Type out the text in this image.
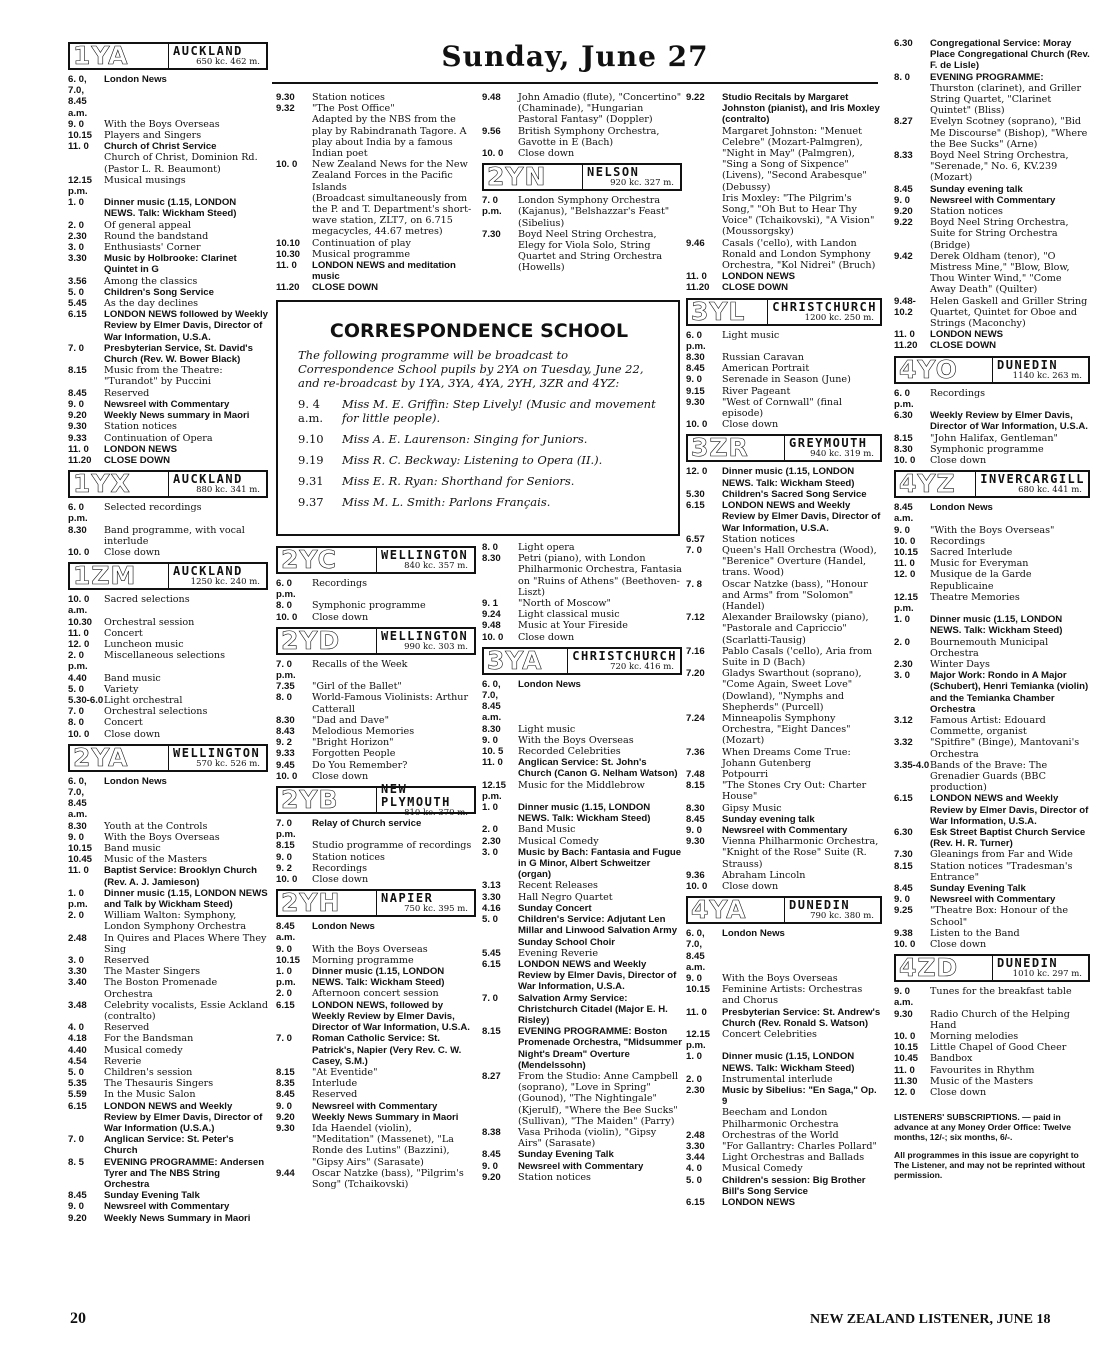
Sunday, June 27
1YA	AUCKLAND
650 kc. 462 m.
6. 0, 7.0, 8.45 a.m.
London News
9. 0	With the Boys Overseas
10.15	Players and Singers
11. 0	Church of Christ Service
Church of Christ, Dominion Rd. (Pastor L. R. Beaumont)
12.15 p.m.
Musical musings
1. 0	Dinner music (1.15, LONDON NEWS. Talk: Wickham Steed)
2. 0	Of general appeal
2.30	Round the bandstand
3. 0	Enthusiasts' Corner
3.30	Music by Holbrooke: Clarinet Quintet in G
3.56	Among the classics
5. 0	Children's Song Service
5.45	As the day declines
6.15	LONDON NEWS followed by Weekly Review by Elmer Davis, Director of War Information, U.S.A.
7. 0	Presbyterian Service, St. David's Church (Rev. W. Bower Black)
8.15	Music from the Theatre: "Turandot" by Puccini
8.45	Reserved
9. 0	Newsreel with Commentary
9.20	Weekly News summary in Maori
9.30	Station notices
9.33	Continuation of Opera
11. 0	LONDON NEWS
11.20	CLOSE DOWN
1YX	AUCKLAND
880 kc. 341 m.
6. 0 p.m.
Selected recordings
8.30	Band programme, with vocal interlude
10. 0	Close down
1ZM	AUCKLAND
1250 kc. 240 m.
10. 0 a.m.
Sacred selections
10.30	Orchestral session
11. 0	Concert
12. 0	Luncheon music
2. 0 p.m.
Miscellaneous selections
4.40	Band music
5. 0	Variety
5.30-6.0 Light orchestral
7. 0	Orchestral selections
8. 0	Concert
10. 0	Close down
2YA	WELLINGTON
570 kc. 526 m.
6. 0, 7.0, 8.45 a.m.
London News
8.30	Youth at the Controls
9. 0	With the Boys Overseas
10.15	Band music
10.45	Music of the Masters
11. 0	Baptist Service: Brooklyn Church (Rev. A. J. Jamieson)
1. 0 p.m.
Dinner music (1.15, LONDON NEWS and Talk by Wickham Steed)
2. 0	William Walton: Symphony, London Symphony Orchestra
2.48	In Quires and Places Where They Sing
3. 0	Reserved
3.30	The Master Singers
3.40	The Boston Promenade Orchestra
3.48	Celebrity vocalists, Essie Ackland (contralto)
4. 0	Reserved
4.18	For the Bandsman
4.40	Musical comedy
4.54	Reverie
5. 0	Children's session
5.35	The Thesauris Singers
5.59	In the Music Salon
6.15	LONDON NEWS and Weekly Review by Elmer Davis, Director of War Information (U.S.A.)
7. 0	Anglican Service: St. Peter's Church
8. 5	EVENING PROGRAMME: Andersen Tyrer and The NBS String Orchestra
8.45	Sunday Evening Talk
9. 0	Newsreel with Commentary
9.20	Weekly News Summary in Maori
9.30	Station notices
9.32	"The Post Office"
Adapted by the NBS from the play by Rabindranath Tagore. A play about India by a famous Indian poet
10. 0	New Zealand News for the New Zealand Forces in the Pacific Islands
(Broadcast simultaneously from the P. and T. Department's short-wave station, ZLT7, on 6.715 megacycles, 44.67 metres)
10.10	Continuation of play
10.30	Musical programme
11. 0	LONDON NEWS and meditation music
11.20	CLOSE DOWN
9.48	John Amadio (flute), "Concertino" (Chaminade), "Hungarian Pastoral Fantasy" (Doppler)
9.56	British Symphony Orchestra, Gavotte in E (Bach)
10. 0	Close down
2YN	NELSON
920 kc. 327 m.
7. 0 p.m.
London Symphony Orchestra (Kajanus), "Belshazzar's Feast" (Sibelius)
7.30	Boyd Neel String Orchestra, Elegy for Viola Solo, String Quartet and String Orchestra (Howells)
9.22	Studio Recitals by Margaret Johnston (pianist), and Iris Moxley (contralto)
Margaret Johnston: "Menuet Celebre" (Mozart-Palmgren), "Night in May" (Palmgren), "Sing a Song of Sixpence" (Livens), "Second Arabesque" (Debussy)
Iris Moxley: "The Pilgrim's Song," "Oh But to Hear Thy Voice" (Tchaikovski), "A Vision" (Moussorgsky)
9.46	Casals ('cello), with Landon Ronald and London Symphony Orchestra, "Kol Nidrei" (Bruch)
11. 0	LONDON NEWS
11.20	CLOSE DOWN
3YL	CHRISTCHURCH
1200 kc. 250 m.
6. 0 p.m.
Light music
8.30	Russian Caravan
8.45	American Portrait
9. 0	Serenade in Season (June)
9.15	River Pageant
9.30	"West of Cornwall" (final episode)
10. 0	Close down
3ZR	GREYMOUTH
940 kc. 319 m.
12. 0	Dinner music (1.15, LONDON NEWS. Talk: Wickham Steed)
5.30	Children's Sacred Song Service
6.15	LONDON NEWS and Weekly Review by Elmer Davis, Director of War Information, U.S.A.
6.57	Station notices
7. 0	Queen's Hall Orchestra (Wood), "Berenice" Overture (Handel, trans. Wood)
7. 8	Oscar Natzke (bass), "Honour and Arms" from "Solomon" (Handel)
7.12	Alexander Brailowsky (piano), "Pastorale and Capriccio" (Scarlatti-Tausig)
7.16	Pablo Casals ('cello), Aria from Suite in D (Bach)
7.20	Gladys Swarthout (soprano), "Come Again, Sweet Love" (Dowland), "Nymphs and Shepherds" (Purcell)
7.24	Minneapolis Symphony Orchestra, "Eight Dances" (Mozart)
7.36	When Dreams Come True: Johann Gutenberg
7.48	Potpourri
8.15	"The Stones Cry Out: Charter House"
8.30	Gipsy Music
8.45	Sunday evening talk
9. 0	Newsreel with Commentary
9.30	Vienna Philharmonic Orchestra, "Knight of the Rose" Suite (R. Strauss)
9.36	Abraham Lincoln
10. 0	Close down
4YA	DUNEDIN
790 kc. 380 m.
6. 0, 7.0, 8.45 a.m.
London News
9. 0	With the Boys Overseas
10.15	Feminine Artists: Orchestras and Chorus
11. 0	Presbyterian Service: St. Andrew's Church (Rev. Ronald S. Watson)
12.15 p.m.
Concert Celebrities
1. 0	Dinner music (1.15, LONDON NEWS. Talk: Wickham Steed)
2. 0	Instrumental interlude
2.30	Music by Sibelius: "En Saga," Op. 9
Beecham and London Philharmonic Orchestra
2.48	Orchestras of the World
3.30	"For Gallantry: Charles Pollard"
3.44	Light Orchestras and Ballads
4. 0	Musical Comedy
5. 0	Children's session: Big Brother Bill's Song Service
6.15	LONDON NEWS
6.30	Congregational Service: Moray Place Congregational Church (Rev. F. de Lisle)
8. 0	EVENING PROGRAMME:
Thurston (clarinet), and Griller String Quartet, "Clarinet Quintet" (Bliss)
8.27	Evelyn Scotney (soprano), "Bid Me Discourse" (Bishop), "Where the Bee Sucks" (Arne)
8.33	Boyd Neel String Orchestra, "Serenade," No. 6, KV.239 (Mozart)
8.45	Sunday evening talk
9. 0	Newsreel with Commentary
9.20	Station notices
9.22	Boyd Neel String Orchestra, Suite for String Orchestra (Bridge)
9.42	Derek Oldham (tenor), "O Mistress Mine," "Blow, Blow, Thou Winter Wind," "Come Away Death" (Quilter)
9.48-10.2
Helen Gaskell and Griller String Quartet, Quintet for Oboe and Strings (Maconchy)
11. 0	LONDON NEWS
11.20	CLOSE DOWN
4YO	DUNEDIN
1140 kc. 263 m.
6. 0 p.m.
Recordings
6.30	Weekly Review by Elmer Davis, Director of War Information, U.S.A.
8.15	"John Halifax, Gentleman"
8.30	Symphonic programme
10. 0	Close down
4YZ	INVERCARGILL
680 kc. 441 m.
8.45 a.m.
London News
9. 0	"With the Boys Overseas"
10. 0	Recordings
10.15	Sacred Interlude
11. 0	Music for Everyman
12. 0	Musique de la Garde Republicaine
12.15 p.m.
Theatre Memories
1. 0	Dinner music (1.15, LONDON NEWS. Talk: Wickham Steed)
2. 0	Bournemouth Municipal Orchestra
2.30	Winter Days
3. 0	Major Work: Rondo in A Major (Schubert), Henri Temianka (violin) and the Temianka Chamber Orchestra
3.12	Famous Artist: Edouard Commette, organist
3.32	"Spitfire" (Binge), Mantovani's Orchestra
3.35-4.0 Bands of the Brave: The Grenadier Guards (BBC production)
6.15	LONDON NEWS and Weekly Review by Elmer Davis, Director of War Information, U.S.A.
6.30	Esk Street Baptist Church Service (Rev. H. R. Turner)
7.30	Gleanings from Far and Wide
8.15	Station notices "Tradesman's Entrance"
8.45	Sunday Evening Talk
9. 0	Newsreel with Commentary
9.25	"Theatre Box: Honour of the School"
9.38	Listen to the Band
10. 0	Close down
4ZD	DUNEDIN
1010 kc. 297 m.
9. 0 a.m.
Tunes for the breakfast table
9.30	Radio Church of the Helping Hand
10. 0	Morning melodies
10.15	Little Chapel of Good Cheer
10.45	Bandbox
11. 0	Favourites in Rhythm
11.30	Music of the Masters
12. 0	Close down
LISTENERS' SUBSCRIPTIONS. — paid in advance at any Money Order Office: Twelve months, 12/-; six months, 6/-.
All programmes in this issue are copyright to The Listener, and may not be reprinted without permission.
CORRESPONDENCE SCHOOL
The following programme will be broadcast to Correspondence School pupils by 2YA on Tuesday, June 22, and re-broadcast by 1YA, 3YA, 4YA, 2YH, 3ZR and 4YZ:
9. 4 a.m.
Miss M. E. Griffin: Step Lively! (Music and movement for little people).
9.10	Miss A. E. Laurenson: Singing for Juniors.
9.19	Miss R. C. Beckway: Listening to Opera (II.).
9.31	Miss E. R. Ryan: Shorthand for Seniors.
9.37	Miss M. L. Smith: Parlons Français.
2YC	WELLINGTON
840 kc. 357 m.
6. 0 p.m.
Recordings
8. 0	Symphonic programme
10. 0	Close down
2YD	WELLINGTON
990 kc. 303 m.
7. 0 p.m.
Recalls of the Week
7.35	"Girl of the Ballet"
8. 0	World-Famous Violinists: Arthur Catterall
8.30	"Dad and Dave"
8.43	Melodious Memories
9. 2	"Bright Horizon"
9.33	Forgotten People
9.45	Do You Remember?
10. 0	Close down
2YB	NEW PLYMOUTH
810 kc. 370 m.
7. 0 p.m.
Relay of Church service
8.15	Studio programme of recordings
9. 0	Station notices
9. 2	Recordings
10. 0	Close down
2YH	NAPIER
750 kc. 395 m.
8.45 a.m.
London News
9. 0	With the Boys Overseas
10.15	Morning programme
1. 0 p.m.
Dinner music (1.15, LONDON NEWS. Talk: Wickham Steed)
2. 0	Afternoon concert session
6.15	LONDON NEWS, followed by Weekly Review by Elmer Davis, Director of War Information, U.S.A.
7. 0	Roman Catholic Service: St. Patrick's, Napier (Very Rev. C. W. Casey, S.M.)
8.15	"At Eventide"
8.35	Interlude
8.45	Reserved
9. 0	Newsreel with Commentary
9.20	Weekly News Summary in Maori
9.30	Ida Haendel (violin), "Meditation" (Massenet), "La Ronde des Lutins" (Bazzini), "Gipsy Airs" (Sarasate)
9.44	Oscar Natzke (bass), "Pilgrim's Song" (Tchaikovski)
8. 0	Light opera
8.30	Petri (piano), with London Philharmonic Orchestra, Fantasia on "Ruins of Athens" (Beethoven-Liszt)
9. 1	"North of Moscow"
9.24	Light classical music
9.48	Music at Your Fireside
10. 0	Close down
3YA	CHRISTCHURCH
720 kc. 416 m.
6. 0, 7.0, 8.45 a.m.
London News
8.30	Light music
9. 0	With the Boys Overseas
10. 5	Recorded Celebrities
11. 0	Anglican Service: St. John's Church (Canon G. Nelham Watson)
12.15 p.m.
Music for the Middlebrow
1. 0	Dinner music (1.15, LONDON NEWS. Talk: Wickham Steed)
2. 0	Band Music
2.30	Musical Comedy
3. 0	Music by Bach: Fantasia and Fugue in G Minor, Albert Schweitzer (organ)
3.13	Recent Releases
3.30	Hall Negro Quartet
4.16	Sunday Concert
5. 0	Children's Service: Adjutant Len Millar and Linwood Salvation Army Sunday School Choir
5.45	Evening Reverie
6.15	LONDON NEWS and Weekly Review by Elmer Davis, Director of War Information, U.S.A.
7. 0	Salvation Army Service: Christchurch Citadel (Major E. H. Risley)
8.15	EVENING PROGRAMME: Boston Promenade Orchestra, "Midsummer Night's Dream" Overture (Mendelssohn)
8.27	From the Studio: Anne Campbell (soprano), "Love in Spring" (Gounod), "The Nightingale" (Kjerulf), "Where the Bee Sucks" (Sullivan), "The Maiden" (Parry)
8.38	Vasa Prihoda (violin), "Gipsy Airs" (Sarasate)
8.45	Sunday Evening Talk
9. 0	Newsreel with Commentary
9.20	Station notices
20	NEW ZEALAND LISTENER, JUNE 18
